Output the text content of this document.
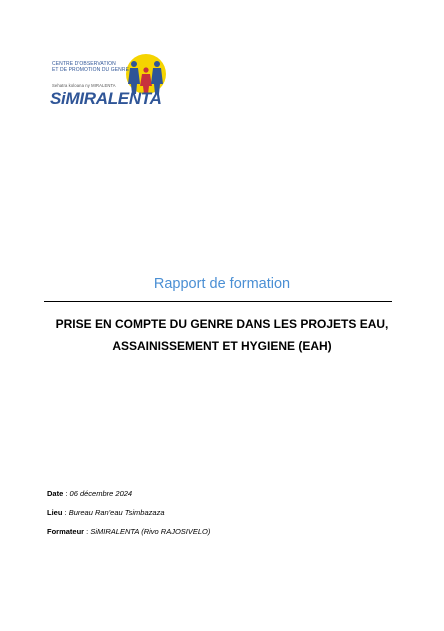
CENTRE D'OBSERVATION
ET DE PROMOTION DU GENRE
Sehatra koloana ny MIRALENTA
SiMIRALENTA
Rapport de formation
PRISE EN COMPTE DU GENRE DANS LES PROJETS EAU,
ASSAINISSEMENT ET HYGIENE (EAH)
Date : 06 décembre 2024
Lieu : Bureau Ran'eau Tsimbazaza
Formateur : SiMIRALENTA (Rivo RAJOSIVELO)
